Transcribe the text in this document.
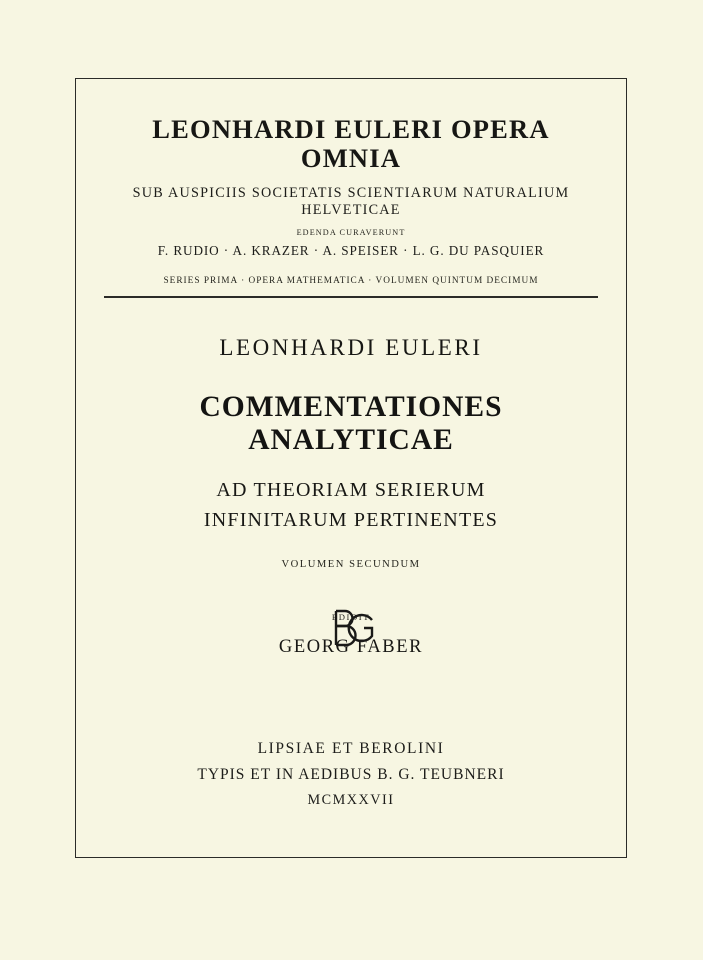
LEONHARDI EULERI OPERA OMNIA
SUB AUSPICIIS SOCIETATIS SCIENTIARUM NATURALIUM HELVETICAE
EDENDA CURAVERUNT
F. RUDIO · A. KRAZER · A. SPEISER · L. G. DU PASQUIER
SERIES PRIMA · OPERA MATHEMATICA · VOLUMEN QUINTUM DECIMUM
LEONHARDI EULERI
COMMENTATIONES ANALYTICAE
AD THEORIAM SERIERUM
INFINITARUM PERTINENTES
VOLUMEN SECUNDUM
EDIDIT
GEORG FABER
LIPSIAE ET BEROLINI
TYPIS ET IN AEDIBUS B. G. TEUBNERI
MCMXXVII
